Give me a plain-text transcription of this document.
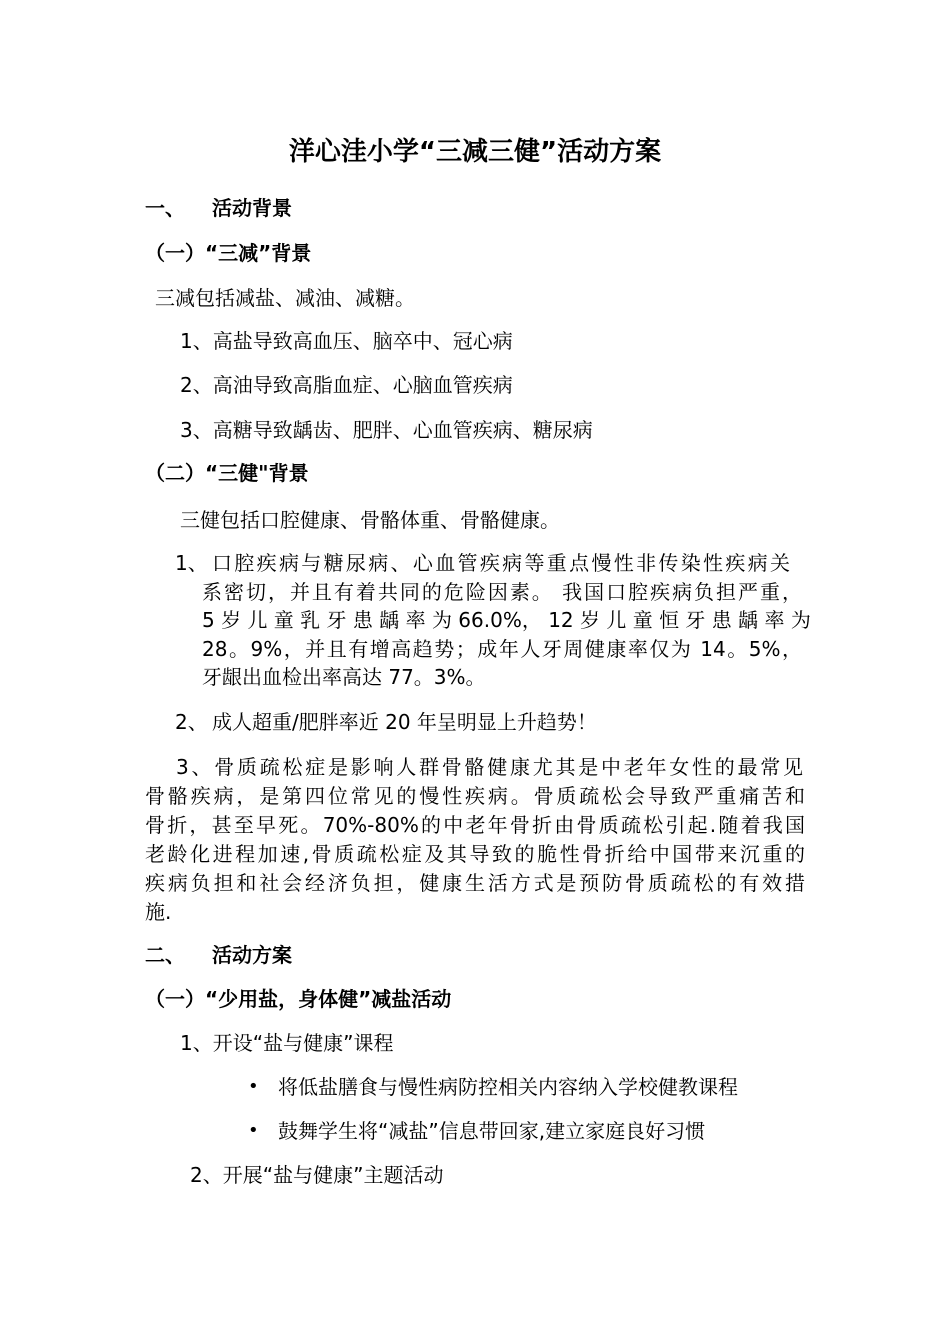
洋心洼小学“三减三健”活动方案
一、 活动背景
（一）“三减”背景
三减包括减盐、减油、减糖。
1、高盐导致高血压、脑卒中、冠心病
2、高油导致高脂血症、心脑血管疾病
3、高糖导致龋齿、肥胖、心血管疾病、糖尿病
（二）“三健"背景
三健包括口腔健康、骨骼体重、骨骼健康。
1、 口腔疾病与糖尿病、心血管疾病等重点慢性非传染性疾病关
系密切，并且有着共同的危险因素。 我国口腔疾病负担严重，
5 岁 儿 童 乳 牙 患 龋 率 为 66.0%， 12 岁 儿 童 恒 牙 患 龋 率 为
28。9%，并且有增高趋势；成年人牙周健康率仅为 14。5%，
牙龈出血检出率高达 77。3%。
2、 成人超重/肥胖率近 20 年呈明显上升趋势！
3、骨质疏松症是影响人群骨骼健康尤其是中老年女性的最常见
骨骼疾病，是第四位常见的慢性疾病。骨质疏松会导致严重痛苦和
骨折，甚至早死。70%-80%的中老年骨折由骨质疏松引起.随着我国
老龄化进程加速,骨质疏松症及其导致的脆性骨折给中国带来沉重的
疾病负担和社会经济负担，健康生活方式是预防骨质疏松的有效措
施.
二、 活动方案
（一）“少用盐，身体健”减盐活动
1、开设“盐与健康”课程
• 将低盐膳食与慢性病防控相关内容纳入学校健教课程
• 鼓舞学生将“减盐”信息带回家,建立家庭良好习惯
2、开展“盐与健康”主题活动
